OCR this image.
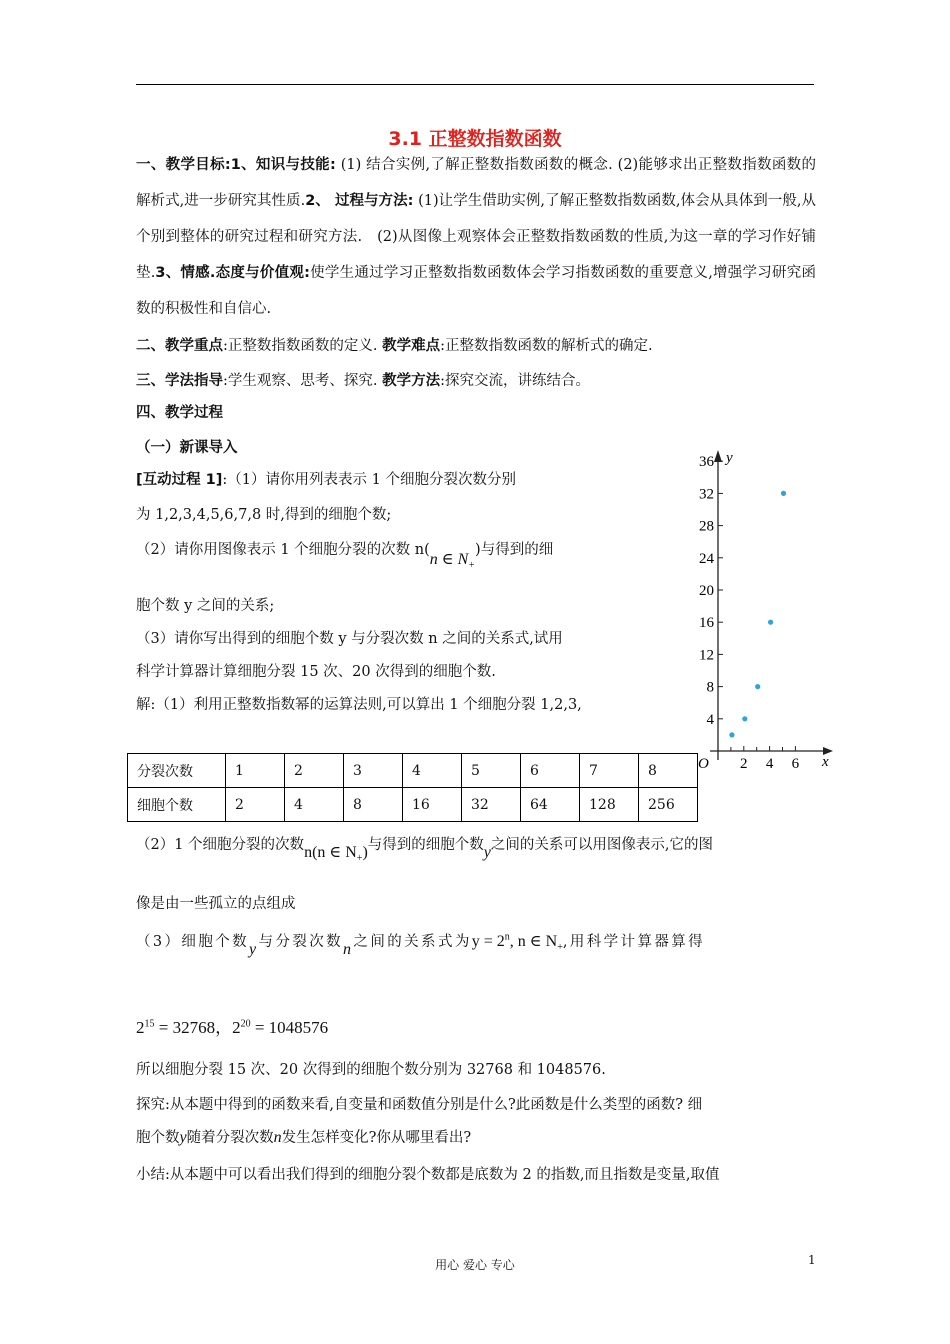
3.1 正整数指数函数
一、教学目标:1、知识与技能: (1) 结合实例,了解正整数指数函数的概念. (2)能够求出正整数指数函数的解析式,进一步研究其性质.2、 过程与方法: (1)让学生借助实例,了解正整数指数函数,体会从具体到一般,从个别到整体的研究过程和研究方法.　(2)从图像上观察体会正整数指数函数的性质,为这一章的学习作好铺垫.3、情感.态度与价值观:使学生通过学习正整数指数函数体会学习指数函数的重要意义,增强学习研究函数的积极性和自信心.
二、教学重点:正整数指数函数的定义. 教学难点:正整数指数函数的解析式的确定.
三、学法指导:学生观察、思考、探究. 教学方法:探究交流，讲练结合。
四、教学过程
（一）新课导入
[互动过程 1]:（1）请你用列表表示 1 个细胞分裂次数分别
为 1,2,3,4,5,6,7,8 时,得到的细胞个数;
（2）请你用图像表示 1 个细胞分裂的次数 n(n ∈ $N_+$)与得到的细
胞个数 y 之间的关系;
（3）请你写出得到的细胞个数 y 与分裂次数 n 之间的关系式,试用
科学计算器计算细胞分裂 15 次、20 次得到的细胞个数.
解:（1）利用正整数指数幂的运算法则,可以算出 1 个细胞分裂 1,2,3,
y
x
O 2 4 6
4
8
12
16
20
24
28
32
36
分裂次数	1	2	3	4	5	6	7	8
细胞个数	2	4	8	16	32	64	128	256
（2）1 个细胞分裂的次数n(n ∈ $N_+$)与得到的细胞个数y之间的关系可以用图像表示,它的图
像是由一些孤立的点组成
（3）细胞个数y与分裂次数n之间的关系式为$y = 2^n$, n ∈ $N_+$,用科学计算器算得
$2^{15} = 32768$，$2^{20} = 1048576$
所以细胞分裂 15 次、20 次得到的细胞个数分别为 32768 和 1048576.
探究:从本题中得到的函数来看,自变量和函数值分别是什么?此函数是什么类型的函数? 细
胞个数y随着分裂次数n发生怎样变化?你从哪里看出?
小结:从本题中可以看出我们得到的细胞分裂个数都是底数为 2 的指数,而且指数是变量,取值
用心 爱心 专心	1
